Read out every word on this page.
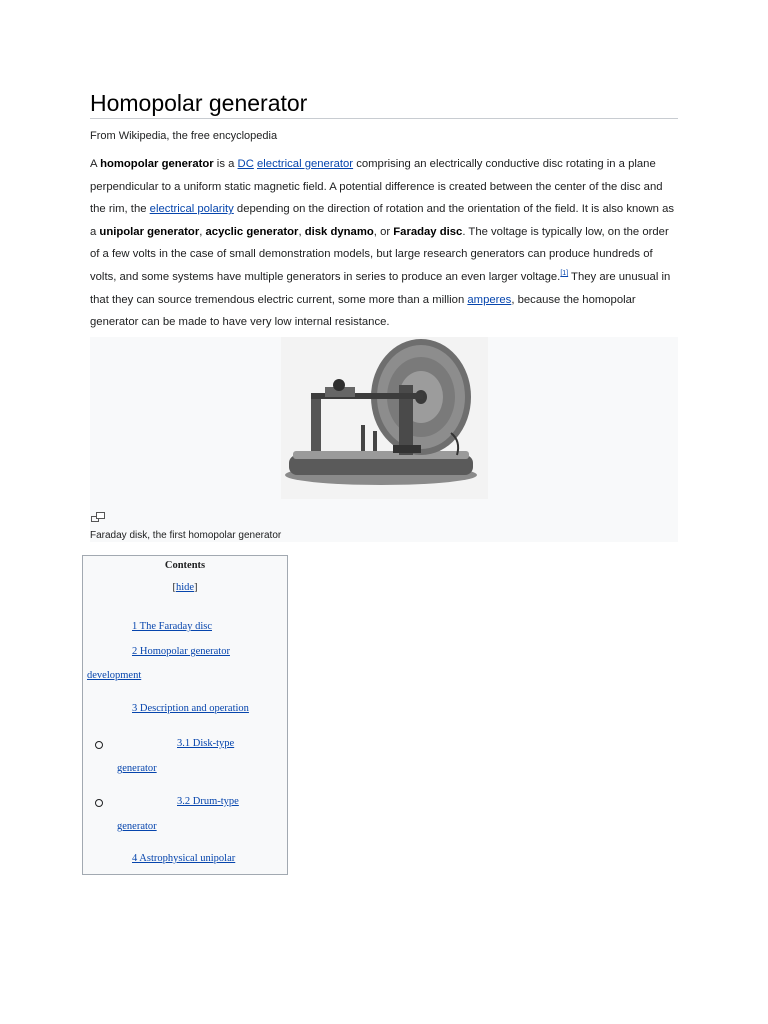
Homopolar generator
From Wikipedia, the free encyclopedia

A homopolar generator is a DC electrical generator comprising an electrically conductive disc rotating in a plane perpendicular to a uniform static magnetic field. A potential difference is created between the center of the disc and the rim, the electrical polarity depending on the direction of rotation and the orientation of the field. It is also known as a unipolar generator, acyclic generator, disk dynamo, or Faraday disc. The voltage is typically low, on the order of a few volts in the case of small demonstration models, but large research generators can produce hundreds of volts, and some systems have multiple generators in series to produce an even larger voltage.[1] They are unusual in that they can source tremendous electric current, some more than a million amperes, because the homopolar generator can be made to have very low internal resistance.

Faraday disk, the first homopolar generator
Contents
[hide]
1 The Faraday disc
2 Homopolar generator
development
3 Description and operation
3.1 Disk-type
generator
3.2 Drum-type
generator
4 Astrophysical unipolar
